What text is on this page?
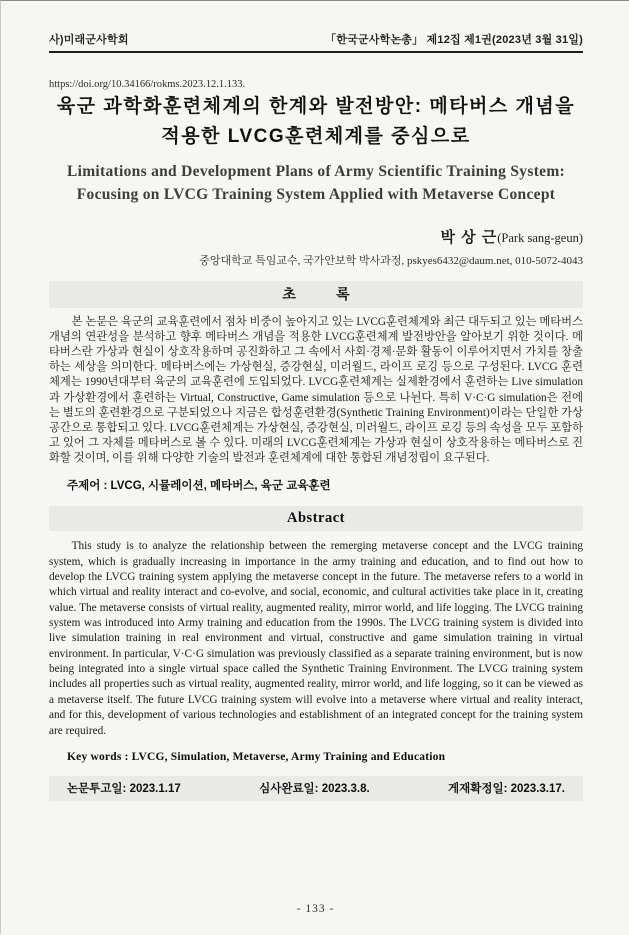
사)미래군사학회	「한국군사학논총」 제12집 제1권(2023년 3월 31일)
https://doi.org/10.34166/rokms.2023.12.1.133.
육군 과학화훈련체계의 한계와 발전방안: 메타버스 개념을 적용한 LVCG훈련체계를 중심으로
Limitations and Development Plans of Army Scientific Training System: Focusing on LVCG Training System Applied with Metaverse Concept
박 상 근(Park sang-geun)
중앙대학교 특임교수, 국가안보학 박사과정, pskyes6432@daum.net, 010-5072-4043
초 록

본 논문은 육군의 교육훈련에서 점차 비중이 높아지고 있는 LVCG훈련체계와 최근 대두되고 있는 메타버스 개념의 연관성을 분석하고 향후 메타버스 개념을 적용한 LVCG훈련체계 발전방안을 알아보기 위한 것이다. 메타버스란 가상과 현실이 상호작용하며 공진화하고 그 속에서 사회·경제·문화 활동이 이루어지면서 가치를 창출하는 세상을 의미한다. 메타버스에는 가상현실, 증강현실, 미러월드, 라이프 로깅 등으로 구성된다. LVCG 훈련체계는 1990년대부터 육군의 교육훈련에 도입되었다. LVCG훈련체계는 실제환경에서 훈련하는 Live simulation과 가상환경에서 훈련하는 Virtual, Constructive, Game simulation 등으로 나뉜다. 특히 V·C·G simulation은 전에는 별도의 훈련환경으로 구분되었으나 지금은 합성훈련환경(Synthetic Training Environment)이라는 단일한 가상공간으로 통합되고 있다. LVCG훈련체계는 가상현실, 증강현실, 미러월드, 라이프 로깅 등의 속성을 모두 포함하고 있어 그 자체를 메타버스로 볼 수 있다. 미래의 LVCG훈련체계는 가상과 현실이 상호작용하는 메타버스로 진화할 것이며, 이를 위해 다양한 기술의 발전과 훈련체계에 대한 통합된 개념정립이 요구된다.

주제어 : LVCG, 시뮬레이션, 메타버스, 육군 교육훈련
Abstract

This study is to analyze the relationship between the remerging metaverse concept and the LVCG training system, which is gradually increasing in importance in the army training and education, and to find out how to develop the LVCG training system applying the metaverse concept in the future. The metaverse refers to a world in which virtual and reality interact and co-evolve, and social, economic, and cultural activities take place in it, creating value. The metaverse consists of virtual reality, augmented reality, mirror world, and life logging. The LVCG training system was introduced into Army training and education from the 1990s. The LVCG training system is divided into live simulation training in real environment and virtual, constructive and game simulation training in virtual environment. In particular, V·C·G simulation was previously classified as a separate training environment, but is now being integrated into a single virtual space called the Synthetic Training Environment. The LVCG training system includes all properties such as virtual reality, augmented reality, mirror world, and life logging, so it can be viewed as a metaverse itself. The future LVCG training system will evolve into a metaverse where virtual and reality interact, and for this, development of various technologies and establishment of an integrated concept for the training system are required.

Key words : LVCG, Simulation, Metaverse, Army Training and Education
논문투고일: 2023.1.17	심사완료일: 2023.3.8.	게재확정일: 2023.3.17.
- 133 -
